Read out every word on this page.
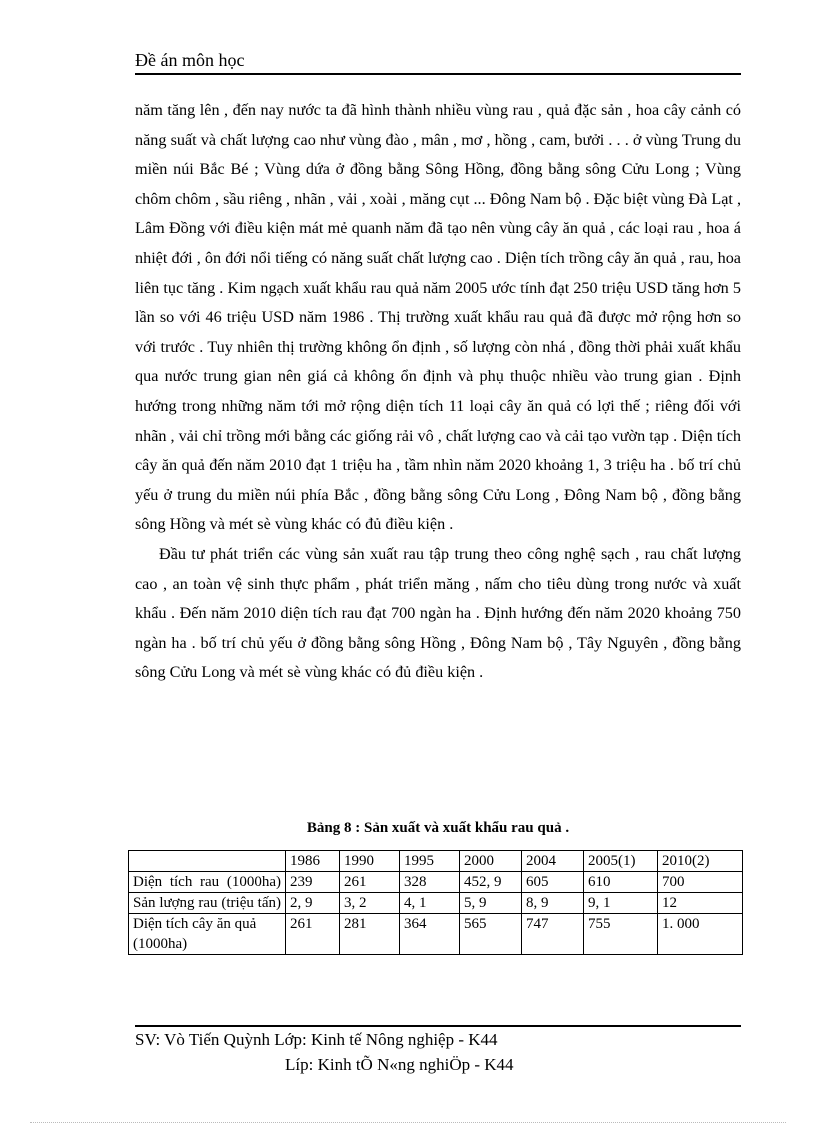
Đề án môn học

năm tăng lên , đến nay nước ta đã hình thành nhiều vùng rau , quả đặc sản , hoa cây cảnh có năng suất và chất lượng cao như vùng đào , mân , mơ , hồng , cam, bưởi . . . ở vùng Trung du miền núi Bắc Bé ; Vùng dứa ở đồng bằng Sông Hồng, đồng bằng sông Cửu Long ; Vùng chôm chôm , sầu riêng , nhãn , vải , xoài , măng cụt ... Đông Nam bộ . Đặc biệt vùng Đà Lạt , Lâm Đồng với điều kiện mát mẻ quanh năm đã tạo nên vùng cây ăn quả , các loại rau , hoa á nhiệt đới , ôn đới nổi tiếng có năng suất chất lượng cao . Diện tích trồng cây ăn quả , rau, hoa liên tục tăng . Kim ngạch xuất khẩu rau quả năm 2005 ước tính đạt 250 triệu USD tăng hơn 5 lần so với 46 triệu USD năm 1986 . Thị trường xuất khẩu rau quả đã được mở rộng hơn so với trước . Tuy nhiên thị trường không ổn định , số lượng còn nhá , đồng thời phải xuất khẩu qua nước trung gian nên giá cả không ổn định và phụ thuộc nhiều vào trung gian . Định hướng trong những năm tới mở rộng diện tích 11 loại cây ăn quả có lợi thế ; riêng đối với nhãn , vải chỉ trồng mới bằng các giống rải vô , chất lượng cao và cải tạo vườn tạp . Diện tích cây ăn quả đến năm 2010 đạt 1 triệu ha , tầm nhìn năm 2020 khoảng 1, 3 triệu ha . bố trí chủ yếu ở trung du miền núi phía Bắc , đồng bằng sông Cửu Long , Đông Nam bộ , đồng bằng sông Hồng và mét sè vùng khác có đủ điều kiện .

Đầu tư phát triển các vùng sản xuất rau tập trung theo công nghệ sạch , rau chất lượng cao , an toàn vệ sinh thực phẩm , phát triển măng , nấm cho tiêu dùng trong nước và xuất khẩu . Đến năm 2010 diện tích rau đạt 700 ngàn ha . Định hướng đến năm 2020 khoảng 750 ngàn ha . bố trí chủ yếu ở đồng bằng sông Hồng , Đông Nam bộ , Tây Nguyên , đồng bằng sông Cửu Long và mét sè vùng khác có đủ điều kiện .

Bảng 8 : Sản xuất và xuất khẩu rau quả .
	1986	1990	1995	2000	2004	2005(1)	2010(2)
Diện tích rau (1000ha)	239	261	328	452, 9	605	610	700
Sản lượng rau (triệu tấn)	2, 9	3, 2	4, 1	5, 9	8, 9	9, 1	12
Diện tích cây ăn quả (1000ha)	261	281	364	565	747	755	1. 000
SV: Vò Tiến Quỳnh Lớp: Kinh tế Nông nghiệp - K44
Líp: Kinh tÕ N«ng nghiÖp - K44
